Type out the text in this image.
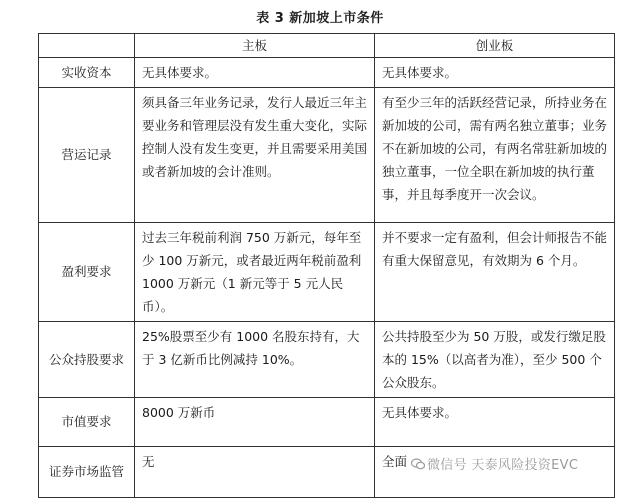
表 3 新加坡上市条件
	主板	创业板
实收资本	无具体要求。	无具体要求。
营运记录	须具备三年业务记录，发行人最近三年主要业务和管理层没有发生重大变化，实际控制人没有发生变更，并且需要采用美国或者新加坡的会计准则。	有至少三年的活跃经营记录，所持业务在新加坡的公司，需有两名独立董事；业务不在新加坡的公司，有两名常驻新加坡的独立董事，一位全职在新加坡的执行董事，并且每季度开一次会议。
盈利要求	过去三年税前利润 750 万新元，每年至少 100 万新元，或者最近两年税前盈利 1000 万新元（1 新元等于 5 元人民币）。	并不要求一定有盈利，但会计师报告不能有重大保留意见，有效期为 6 个月。
公众持股要求	25%股票至少有 1000 名股东持有，大于 3 亿新币比例减持 10%。	公共持股至少为 50 万股，或发行缴足股本的 15%（以高者为准），至少 500 个公众股东。
市值要求	8000 万新币	无具体要求。
证券市场监管	无	全面	微信号 天泰风险投资EVC
